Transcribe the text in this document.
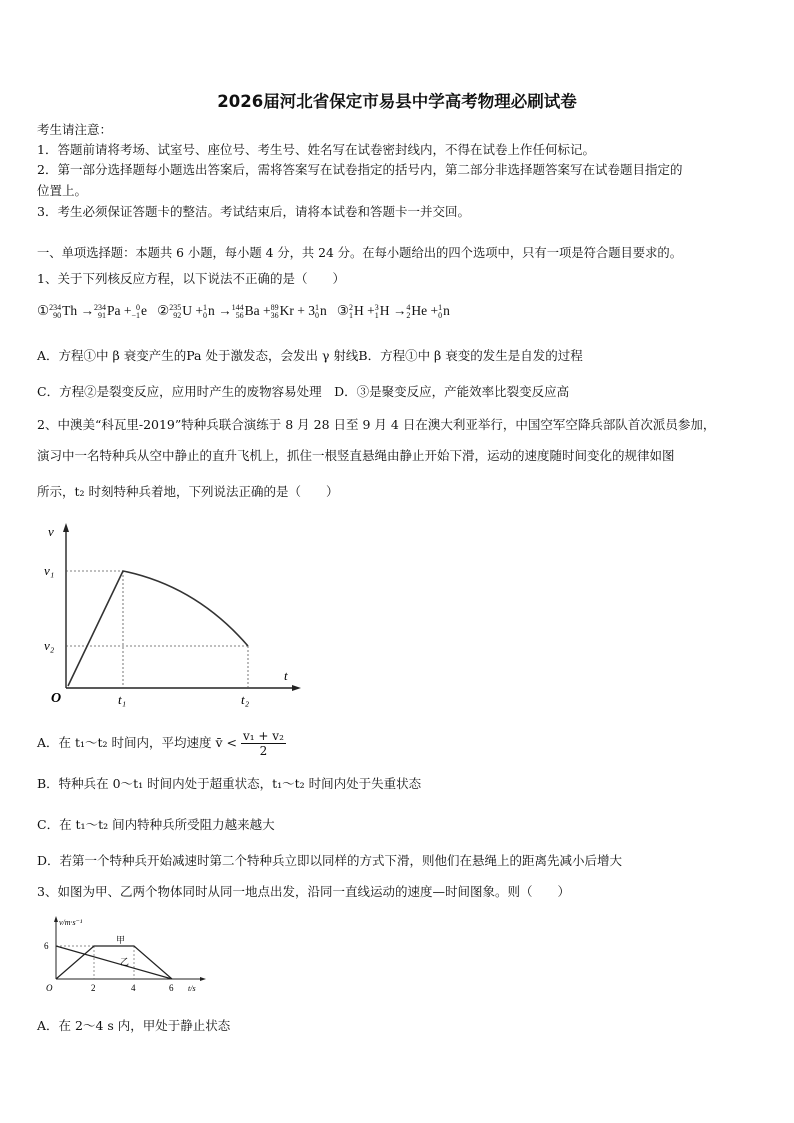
2026届河北省保定市易县中学高考物理必刷试卷
考生请注意：
1．答题前请将考场、试室号、座位号、考生号、姓名写在试卷密封线内，不得在试卷上作任何标记。
2．第一部分选择题每小题选出答案后，需将答案写在试卷指定的括号内，第二部分非选择题答案写在试卷题目指定的
位置上。
3．考生必须保证答题卡的整洁。考试结束后，请将本试卷和答题卡一并交回。
一、单项选择题：本题共 6 小题，每小题 4 分，共 24 分。在每小题给出的四个选项中，只有一项是符合题目要求的。
1、关于下列核反应方程，以下说法不正确的是（　　）
① 234
90 Th → 234
91 Pa + 0
−1 e   ② 235
92 U + 1
0 n → 144
56 Ba + 89
36 Kr + 3 1
0 n   ③ 2
1 H + 3
1 H → 4
2 He + 1
0 n
A．方程①中 β 衰变产生的Pa 处于激发态，会发出 γ 射线B．方程①中 β 衰变的发生是自发的过程
C．方程②是裂变反应，应用时产生的废物容易处理　D．③是聚变反应，产能效率比裂变反应高
2、中澳美“科瓦里-2019”特种兵联合演练于 8 月 28 日至 9 月 4 日在澳大利亚举行，中国空军空降兵部队首次派员参加，
演习中一名特种兵从空中静止的直升飞机上，抓住一根竖直悬绳由静止开始下滑，运动的速度随时间变化的规律如图
所示，t₂ 时刻特种兵着地，下列说法正确的是（　　）
v
t
v₁
v₂
O	t₁	t₂
A．在 t₁～t₂ 时间内，平均速度 v̄ < $\frac{\text{v₁ + v₂}}{2}$
B．特种兵在 0～t₁ 时间内处于超重状态，t₁～t₂ 时间内处于失重状态
C．在 t₁～t₂ 间内特种兵所受阻力越来越大
D．若第一个特种兵开始减速时第二个特种兵立即以同样的方式下滑，则他们在悬绳上的距离先减小后增大
3、如图为甲、乙两个物体同时从同一地点出发，沿同一直线运动的速度—时间图象。则（　　）
v/m·s⁻¹
6
O	2	4	6 t/s
甲
乙
A．在 2～4 s 内，甲处于静止状态
